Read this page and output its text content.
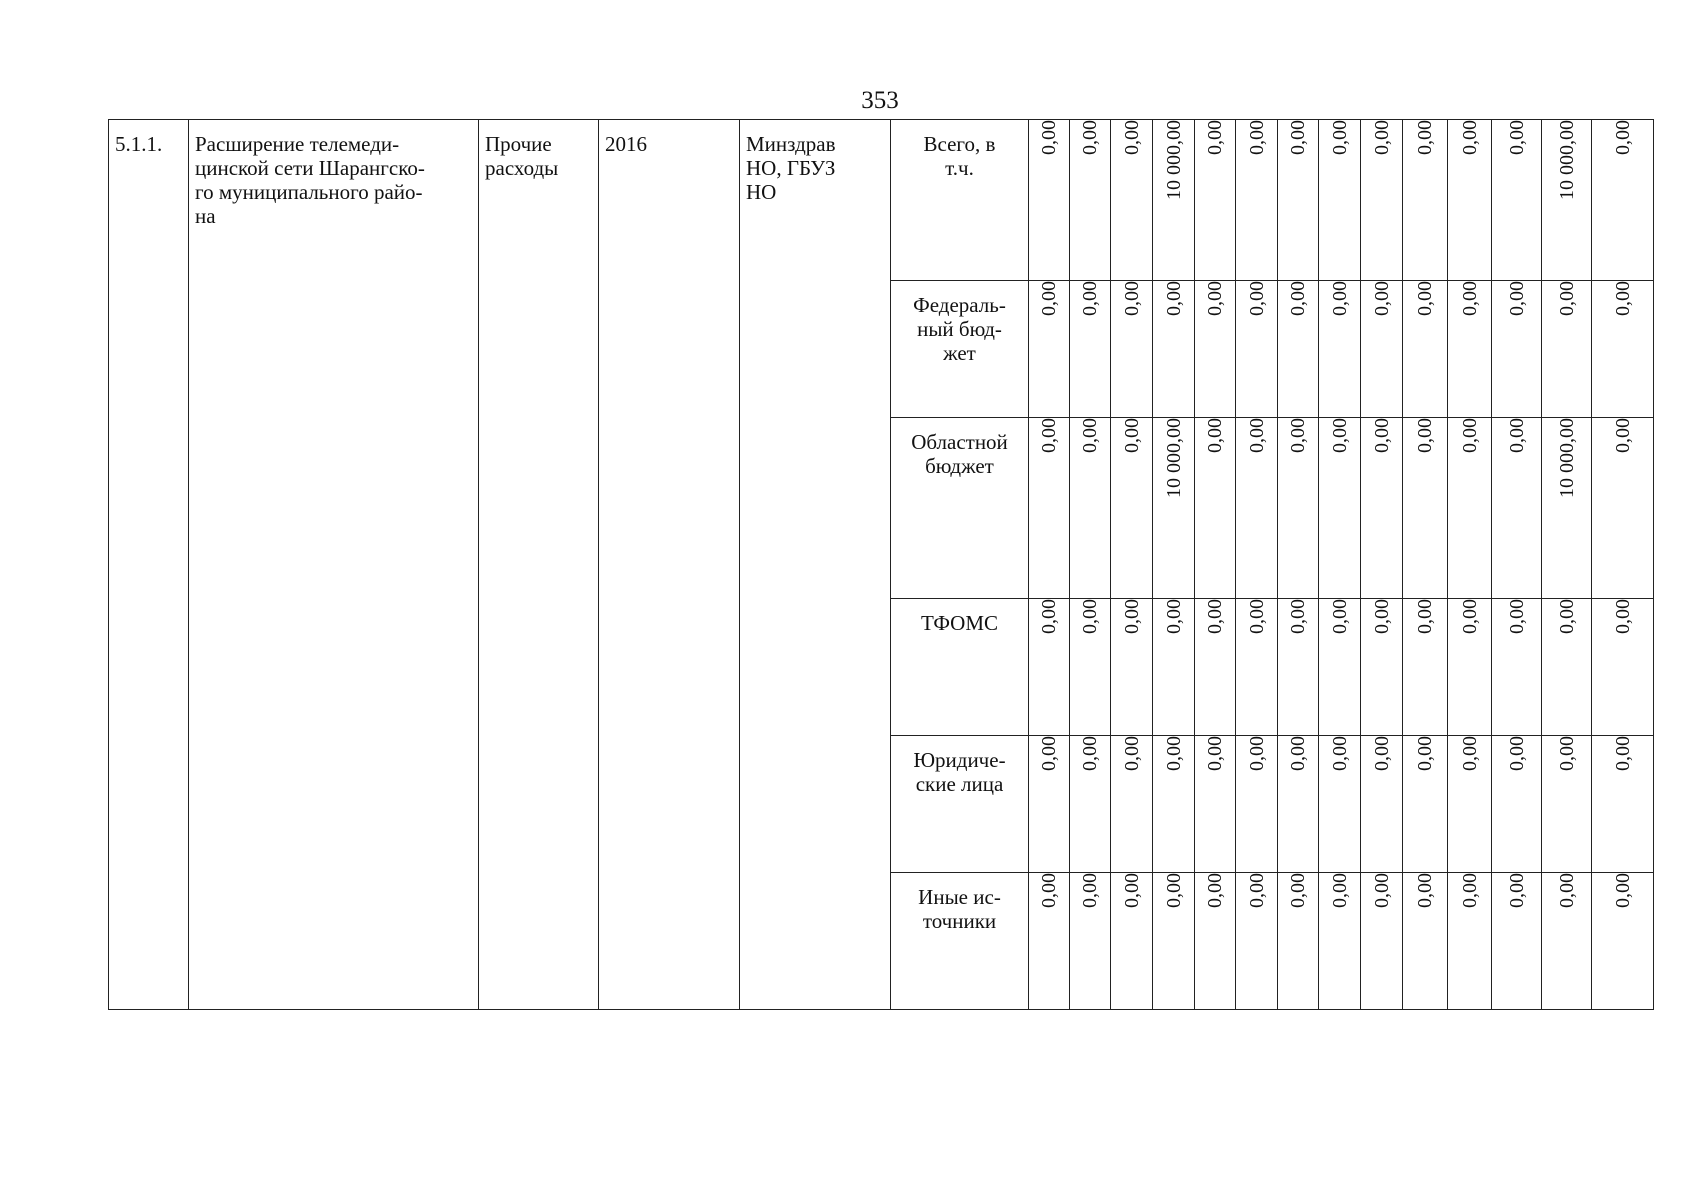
353
5.1.1.	Расширение телемеди-
цинской сети Шарангско-
го муниципального райо-
на	Прочие
расходы	2016	Минздрав
НО, ГБУЗ
НО	Всего, в
т.ч.	0,00	0,00	0,00	10 000,00	0,00	0,00	0,00	0,00	0,00	0,00	0,00	0,00	10 000,00	0,00

					Федераль-
ный бюд-
жет	0,00	0,00	0,00	0,00	0,00	0,00	0,00	0,00	0,00	0,00	0,00	0,00	0,00	0,00

					Областной
бюджет	0,00	0,00	0,00	10 000,00	0,00	0,00	0,00	0,00	0,00	0,00	0,00	0,00	10 000,00	0,00

					ТФОМС	0,00	0,00	0,00	0,00	0,00	0,00	0,00	0,00	0,00	0,00	0,00	0,00	0,00	0,00

					Юридиче-
ские лица	0,00	0,00	0,00	0,00	0,00	0,00	0,00	0,00	0,00	0,00	0,00	0,00	0,00	0,00

					Иные ис-
точники	0,00	0,00	0,00	0,00	0,00	0,00	0,00	0,00	0,00	0,00	0,00	0,00	0,00	0,00
